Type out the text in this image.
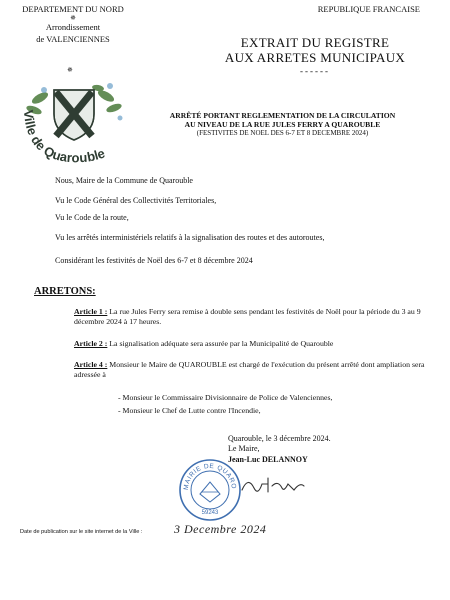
DEPARTEMENT DU NORD
✵
Arrondissement
de VALENCIENNES
✵
REPUBLIQUE FRANCAISE
EXTRAIT DU REGISTRE
AUX ARRETES MUNICIPAUX
------
Ville de Quarouble
ARRÊTÉ PORTANT REGLEMENTATION DE LA CIRCULATION
AU NIVEAU DE LA RUE JULES FERRY A QUAROUBLE
(FESTIVITES DE NOEL DES 6-7 ET 8 DECEMBRE 2024)
Nous, Maire de la Commune de Quarouble
Vu le Code Général des Collectivités Territoriales,
Vu le Code de la route,
Vu les arrêtés interministériels relatifs à la signalisation des routes et des autoroutes,
Considérant les festivités de Noël des 6-7 et 8 décembre 2024
ARRETONS:
Article 1 : La rue Jules Ferry sera remise à double sens pendant les festivités de Noël pour la période du 3 au 9 décembre 2024 à 17 heures.
Article 2 : La signalisation adéquate sera assurée par la Municipalité de Quarouble
Article 4 : Monsieur le Maire de QUAROUBLE est chargé de l'exécution du présent arrêté dont ampliation sera adressée à
- Monsieur le Commissaire Divisionnaire de Police de Valenciennes,
- Monsieur le Chef de Lutte contre l'Incendie,
Quarouble, le 3 décembre 2024.
Le Maire,
Jean-Luc DELANNOY
MAIRIE DE QUARO
59243
Date de publication sur le site internet de la Ville :	3 Decembre 2024
